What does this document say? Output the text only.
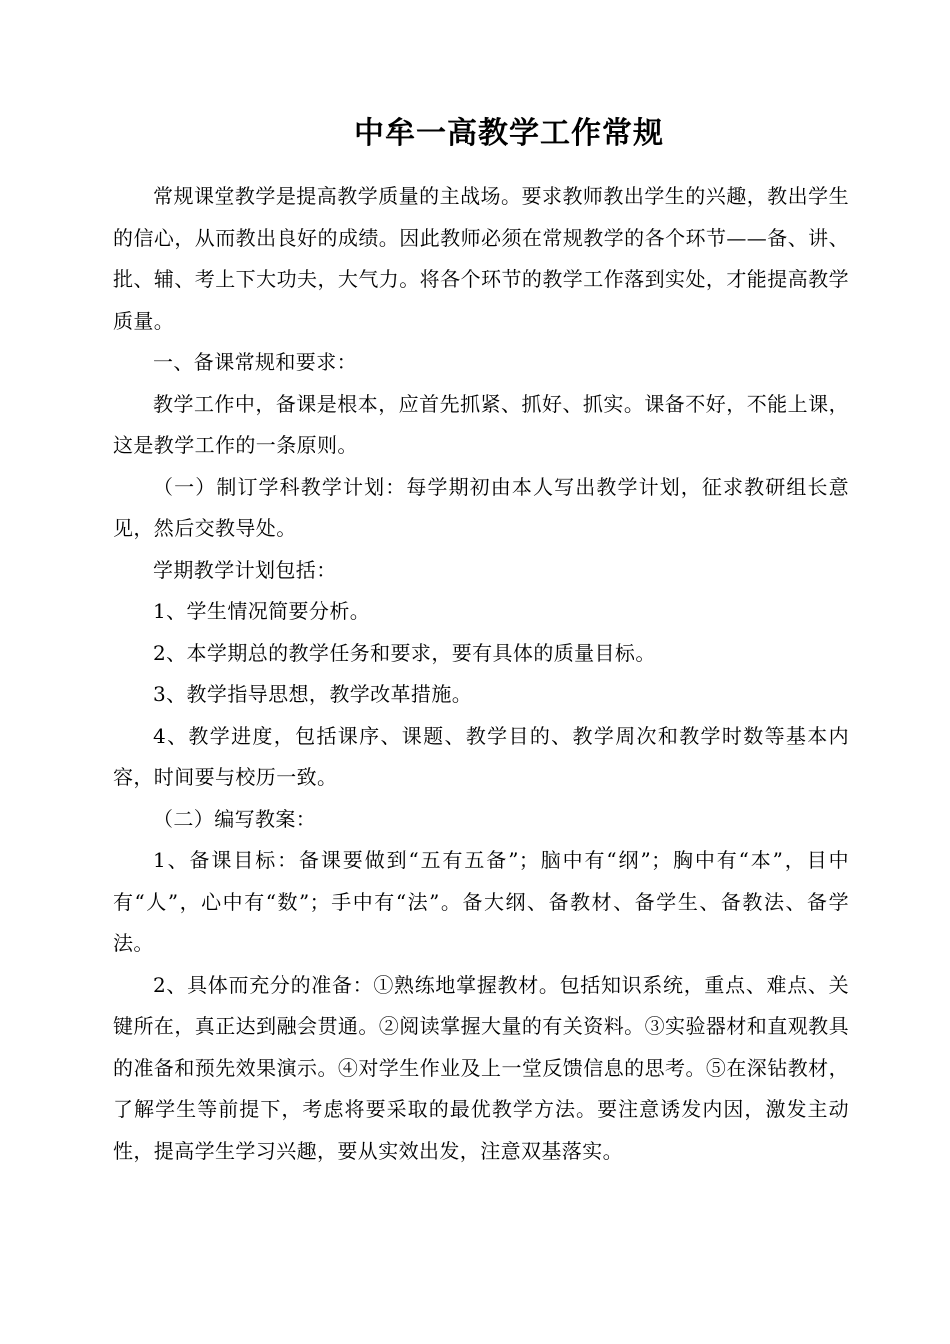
中牟一高教学工作常规

常规课堂教学是提高教学质量的主战场。要求教师教出学生的兴趣，教出学生的信心，从而教出良好的成绩。因此教师必须在常规教学的各个环节——备、讲、批、辅、考上下大功夫，大气力。将各个环节的教学工作落到实处，才能提高教学质量。

一、备课常规和要求：

教学工作中，备课是根本，应首先抓紧、抓好、抓实。课备不好，不能上课，这是教学工作的一条原则。

（一）制订学科教学计划：每学期初由本人写出教学计划，征求教研组长意见，然后交教导处。

学期教学计划包括：

1、学生情况简要分析。

2、本学期总的教学任务和要求，要有具体的质量目标。

3、教学指导思想，教学改革措施。

4、教学进度，包括课序、课题、教学目的、教学周次和教学时数等基本内容，时间要与校历一致。

（二）编写教案：

1、备课目标：备课要做到“五有五备”；脑中有“纲”；胸中有“本”，目中有“人”，心中有“数”；手中有“法”。备大纲、备教材、备学生、备教法、备学法。

2、具体而充分的准备：①熟练地掌握教材。包括知识系统，重点、难点、关键所在，真正达到融会贯通。②阅读掌握大量的有关资料。③实验器材和直观教具的准备和预先效果演示。④对学生作业及上一堂反馈信息的思考。⑤在深钻教材，了解学生等前提下，考虑将要采取的最优教学方法。要注意诱发内因，激发主动性，提高学生学习兴趣，要从实效出发，注意双基落实。
